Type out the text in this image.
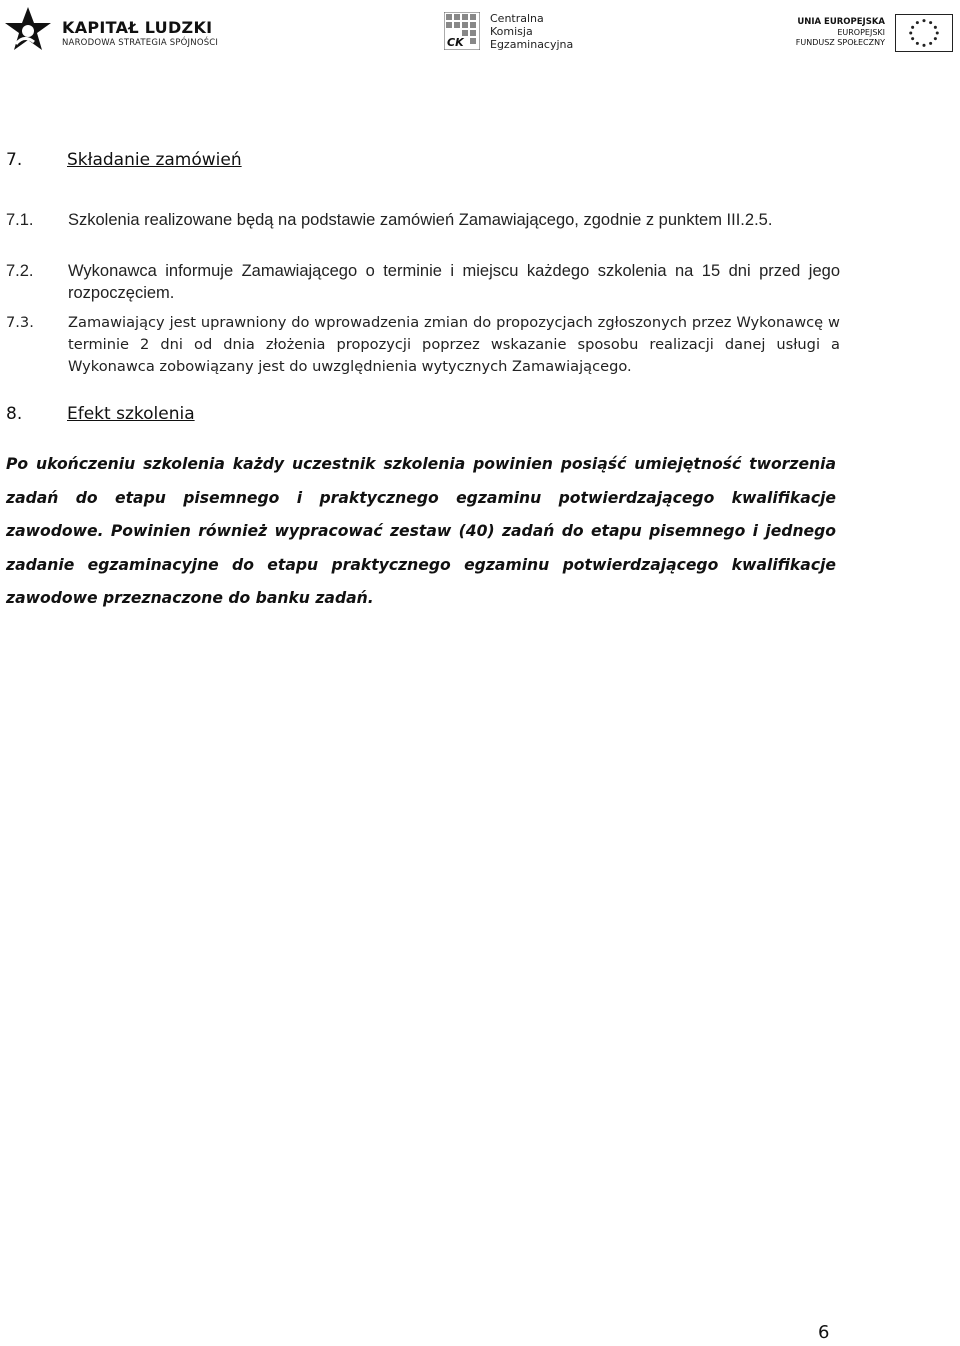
KAPITAŁ LUDZKI
NARODOWA STRATEGIA SPÓJNOŚCI	CK
Centralna
Komisja
Egzaminacyjna
UNIA EUROPEJSKA
EUROPEJSKI
FUNDUSZ SPOŁECZNY
7.	Składanie zamówień
7.1. Szkolenia realizowane będą na podstawie zamówień Zamawiającego, zgodnie z punktem III.2.5.
7.2. Wykonawca informuje Zamawiającego o terminie i miejscu każdego szkolenia na 15 dni przed jego rozpoczęciem.
7.3. Zamawiający jest uprawniony do wprowadzenia zmian do propozycjach zgłoszonych przez Wykonawcę w terminie 2 dni od dnia złożenia propozycji poprzez wskazanie sposobu realizacji danej usługi a Wykonawca zobowiązany jest do uwzględnienia wytycznych Zamawiającego.
8.	Efekt szkolenia
Po ukończeniu szkolenia każdy uczestnik szkolenia powinien posiąść umiejętność tworzenia zadań do etapu pisemnego i praktycznego egzaminu potwierdzającego kwalifikacje zawodowe. Powinien również wypracować zestaw (40) zadań do etapu pisemnego i jednego zadanie egzaminacyjne do etapu praktycznego egzaminu potwierdzającego kwalifikacje zawodowe przeznaczone do banku zadań.
6
